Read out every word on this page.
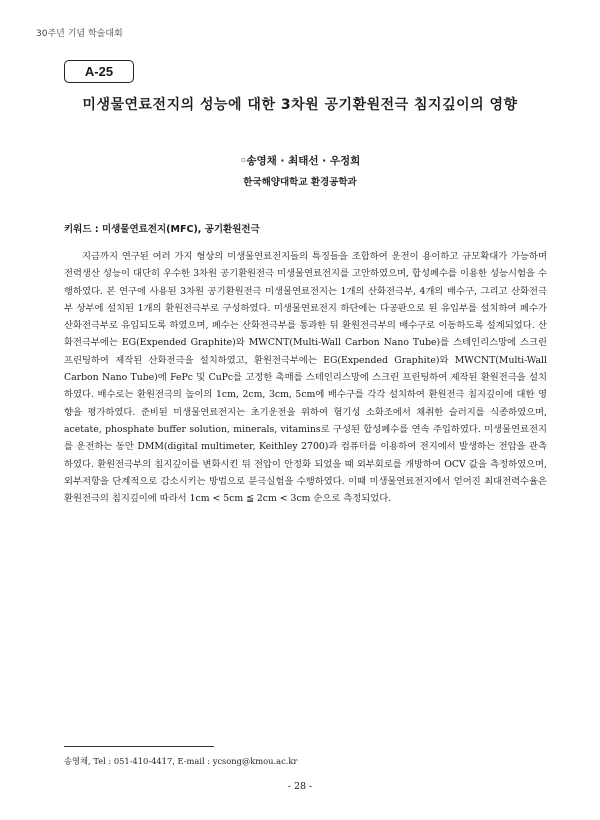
30주년 기념 학술대회
A-25
미생물연료전지의 성능에 대한 3차원 공기환원전극 침지깊이의 영향
◦송영채 · 최태선 · 우정희
한국해양대학교 환경공학과
키워드 : 미생물연료전지(MFC), 공기환원전극
지금까지 연구된 여러 가지 형상의 미생물연료전지들의 특징들을 조합하여 운전이 용이하고 규모확대가 가능하며 전력생산 성능이 대단히 우수한 3차원 공기환원전극 미생물연료전지를 고안하였으며, 합성폐수를 이용한 성능시험을 수행하였다. 본 연구에 사용된 3차원 공기환원전극 미생물연료전지는 1개의 산화전극부, 4개의 배수구, 그리고 산화전극부 상부에 설치된 1개의 환원전극부로 구성하였다. 미생물연료전지 하단에는 다공판으로 된 유입부를 설치하여 폐수가 산화전극부로 유입되도록 하였으며, 폐수는 산화전극부를 통과한 뒤 환원전극부의 배수구로 이동하도록 설계되었다. 산화전극부에는 EG(Expended Graphite)와 MWCNT(Multi-Wall Carbon Nano Tube)를 스테인리스망에 스크린 프린팅하여 제작된 산화전극을 설치하였고, 환원전극부에는 EG(Expended Graphite)와 MWCNT(Multi-Wall Carbon Nano Tube)에 FePc 및 CuPc를 고정한 촉매를 스테인리스망에 스크린 프린팅하여 제작된 환원전극을 설치하였다. 배수로는 환원전극의 높이의 1cm, 2cm, 3cm, 5cm에 배수구를 각각 설치하여 환원전극 침지깊이에 대한 영향을 평가하였다. 준비된 미생물연료전지는 초기운전을 위하여 혐기성 소화조에서 채취한 슬러지를 식종하였으며, acetate, phosphate buffer solution, minerals, vitamins로 구성된 합성폐수를 연속 주입하였다. 미생물연료전지를 운전하는 동안 DMM(digital multimeter, Keithley 2700)과 컴퓨터를 이용하여 전지에서 발생하는 전압을 관측하였다. 환원전극부의 침지깊이를 변화시킨 뒤 전압이 안정화 되었을 때 외부회로를 개방하여 OCV 값을 측정하였으며, 외부저항을 단계적으로 감소시키는 방법으로 분극실험을 수행하였다. 이때 미생물연료전지에서 얻어진 최대전력수율은 환원전극의 침지깊이에 따라서 1cm < 5cm ≦ 2cm < 3cm 순으로 측정되었다.
송영채, Tel : 051-410-4417, E-mail : ycsong@kmou.ac.kr
- 28 -
